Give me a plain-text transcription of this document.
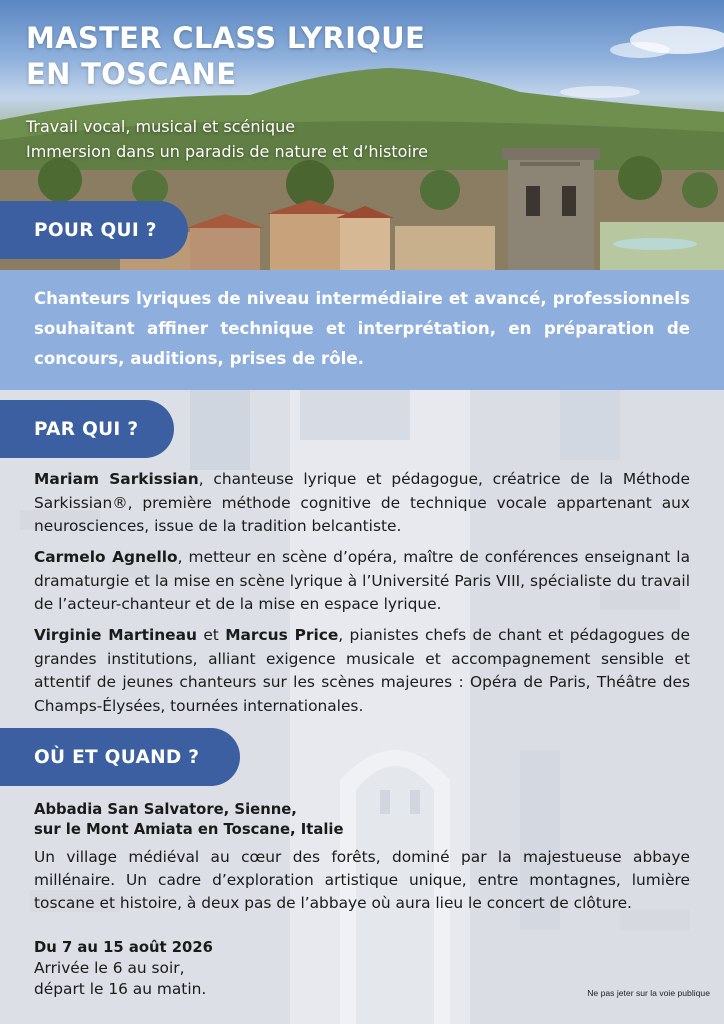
MASTER CLASS LYRIQUE
EN TOSCANE
Travail vocal, musical et scénique
Immersion dans un paradis de nature et d’histoire
Chanteurs lyriques de niveau intermédiaire et avancé, professionnels souhaitant affiner technique et interprétation, en préparation de concours, auditions, prises de rôle.
POUR QUI ?
PAR QUI ?
OÙ ET QUAND ?
Mariam Sarkissian, chanteuse lyrique et pédagogue, créatrice de la Méthode Sarkissian®, première méthode cognitive de technique vocale appartenant aux neurosciences, issue de la tradition belcantiste.
Carmelo Agnello, metteur en scène d’opéra, maître de conférences enseignant la dramaturgie et la mise en scène lyrique à l’Université Paris VIII, spécialiste du travail de l’acteur-chanteur et de la mise en espace lyrique.
Virginie Martineau et Marcus Price, pianistes chefs de chant et pédagogues de grandes institutions, alliant exigence musicale et accompagnement sensible et attentif de jeunes chanteurs sur les scènes majeures : Opéra de Paris, Théâtre des Champs-Élysées, tournées internationales.
Abbadia San Salvatore, Sienne,
sur le Mont Amiata en Toscane, Italie
Un village médiéval au cœur des forêts, dominé par la majestueuse abbaye millénaire. Un cadre d’exploration artistique unique, entre montagnes, lumière toscane et histoire, à deux pas de l’abbaye où aura lieu le concert de clôture.
Du 7 au 15 août 2026
Arrivée le 6 au soir,
départ le 16 au matin.	Ne pas jeter sur la voie publique
